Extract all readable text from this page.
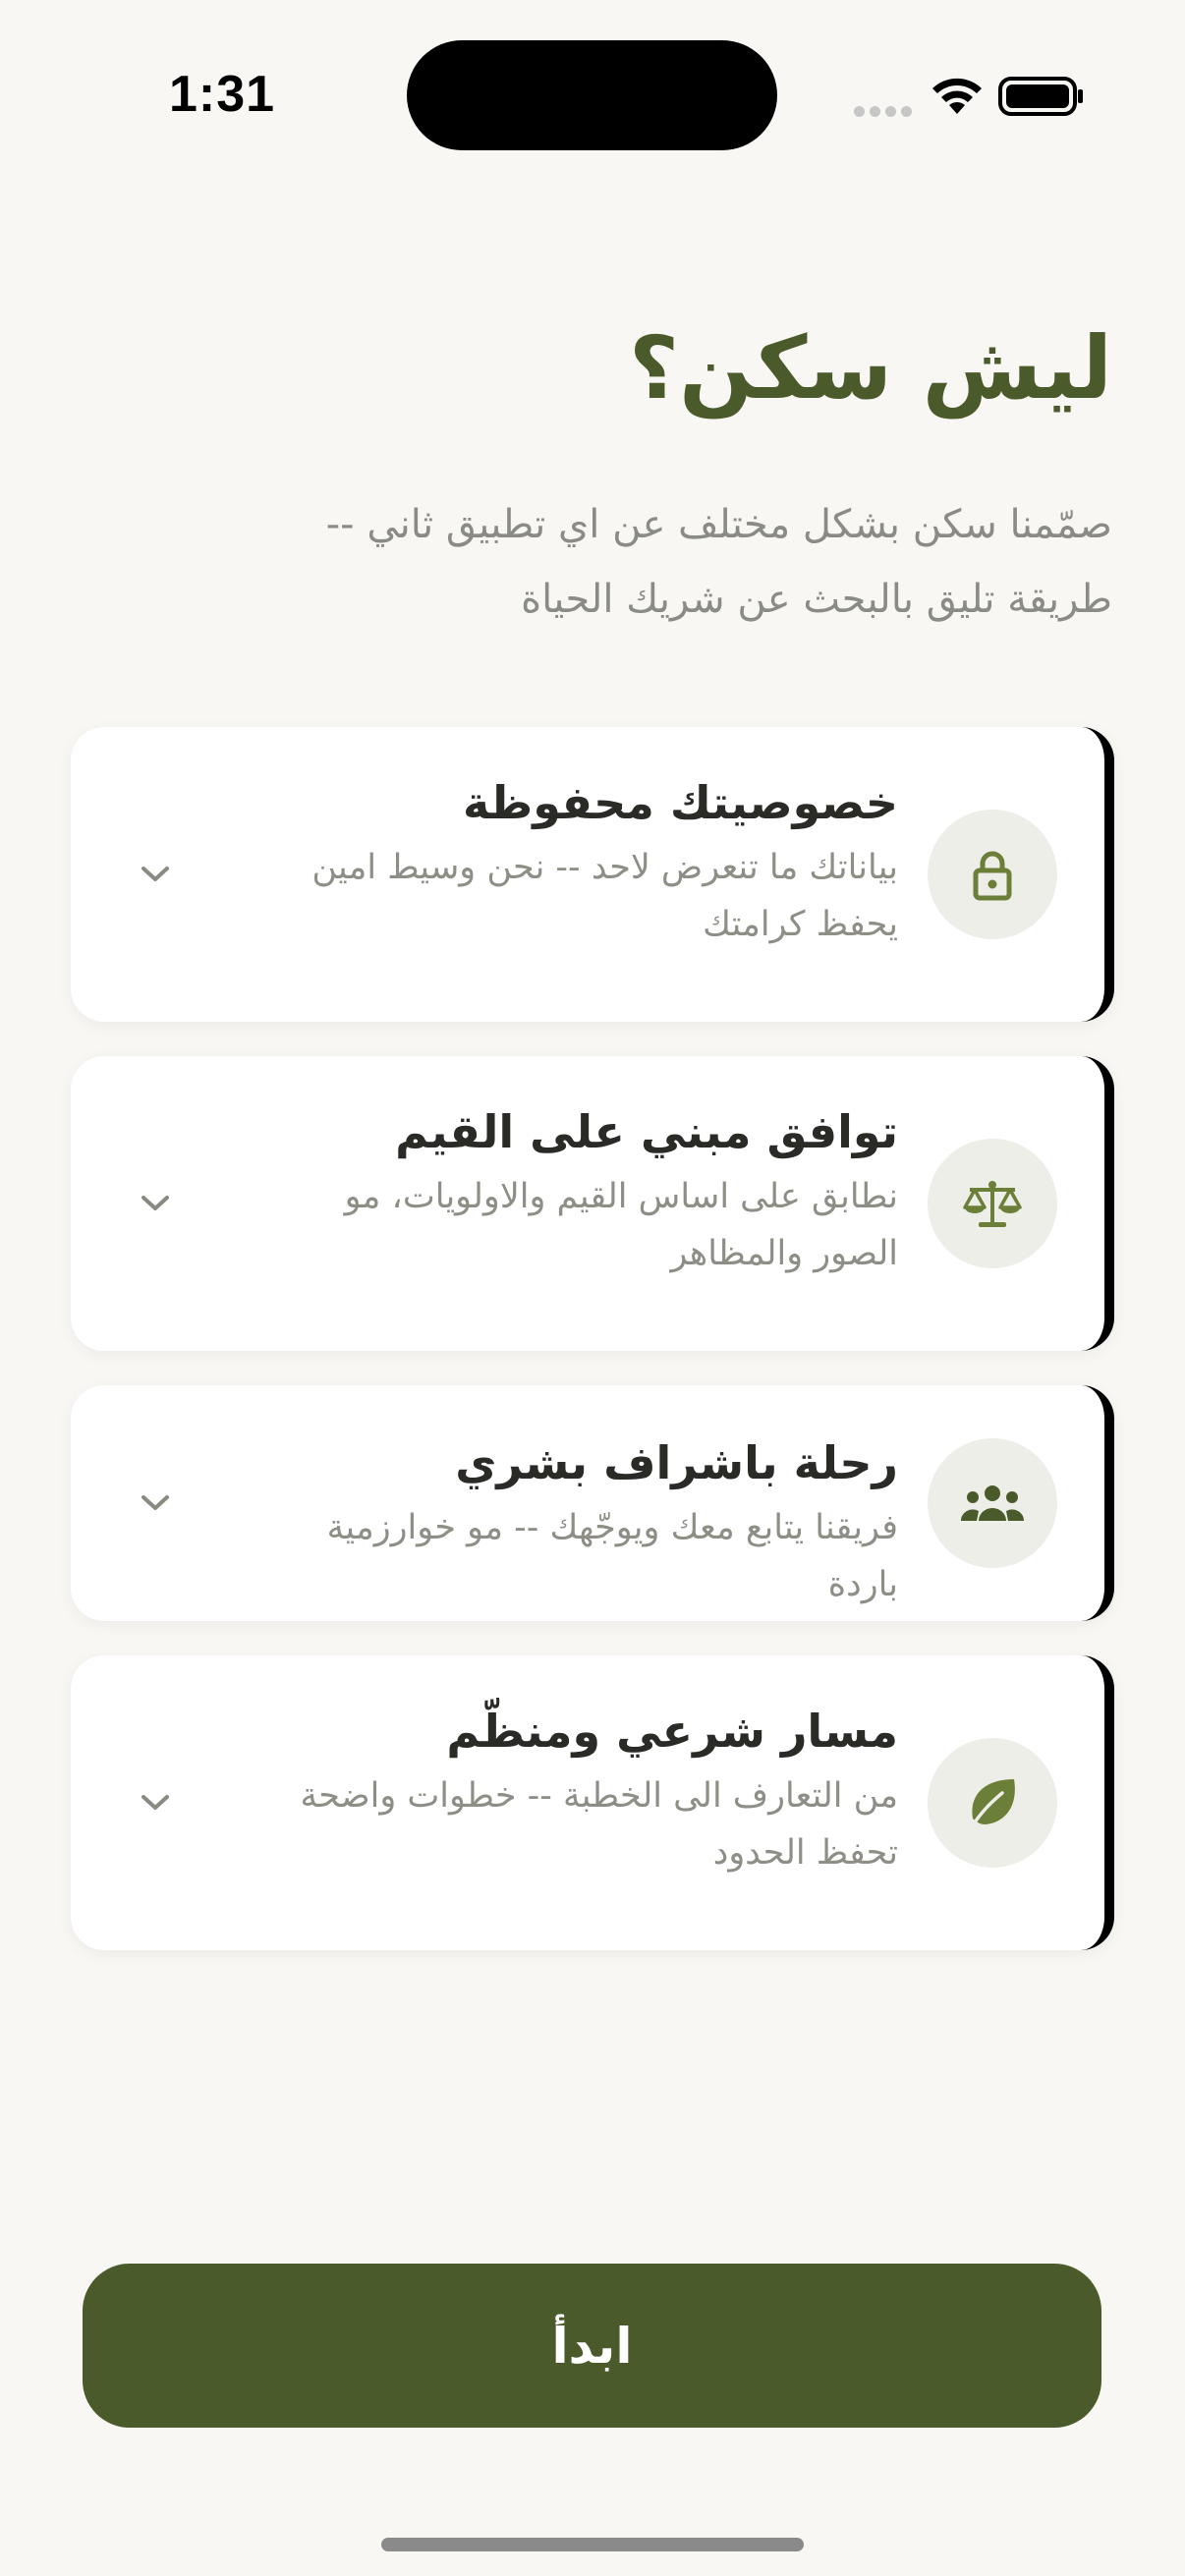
1:31
ليش سكن؟

صمّمنا سكن بشكل مختلف عن اي تطبيق ثاني -- طريقة تليق بالبحث عن شريك الحياة

خصوصيتك محفوظة
بياناتك ما تنعرض لاحد -- نحن وسيط امين يحفظ كرامتك
توافق مبني على القيم
نطابق على اساس القيم والاولويات، مو الصور والمظاهر
رحلة باشراف بشري
فريقنا يتابع معك ويوجّهك -- مو خوارزمية باردة
مسار شرعي ومنظّم
من التعارف الى الخطبة -- خطوات واضحة تحفظ الحدود
ابدأ
